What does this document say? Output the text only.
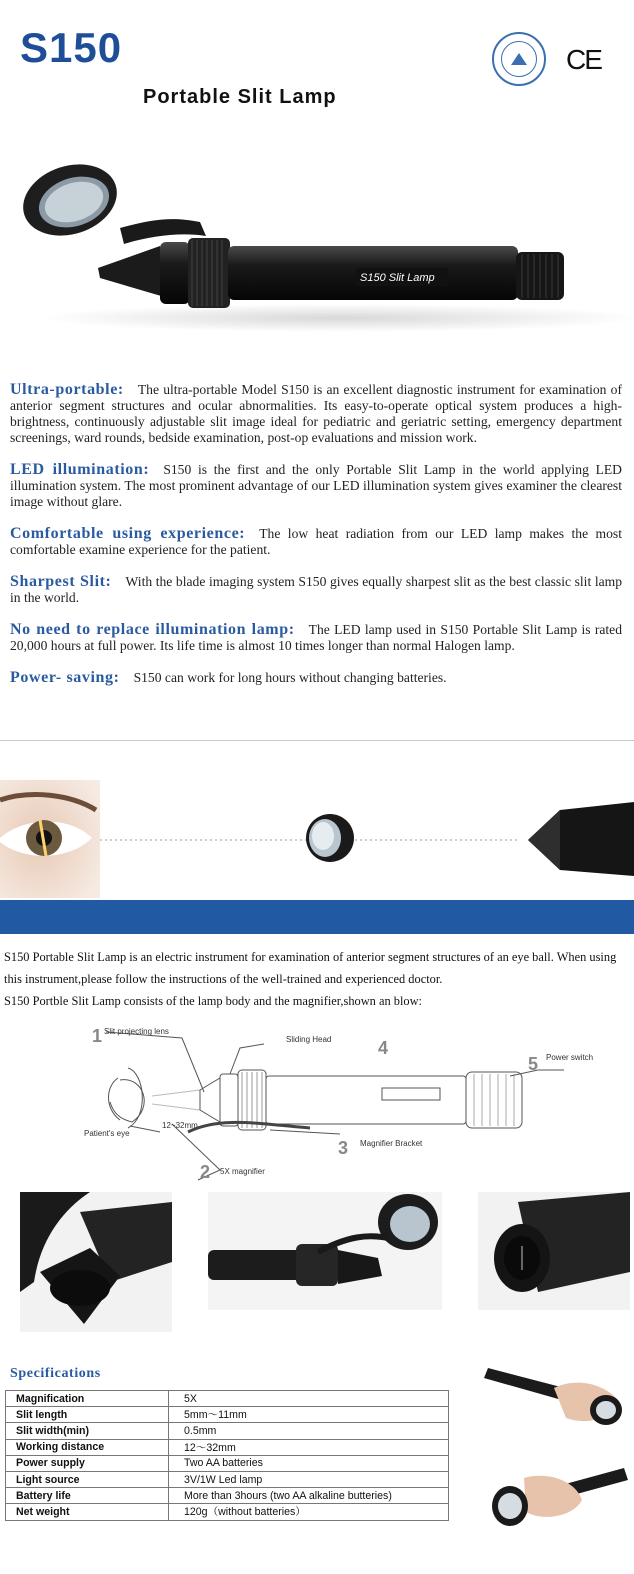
S150
Portable Slit Lamp
CE
S150 Slit Lamp

Ultra-portable: The ultra-portable Model S150 is an excellent diagnostic instrument for examination of anterior segment structures and ocular abnormalities. Its easy-to-operate optical system produces a high-brightness, continuously adjustable slit image ideal for pediatric and geriatric setting, emergency department screenings, ward rounds, bedside examination, post-op evaluations and mission work.

LED illumination: S150 is the first and the only Portable Slit Lamp in the world applying LED illumination system. The most prominent advantage of our LED illumination system gives examiner the clearest image without glare.

Comfortable using experience: The low heat radiation from our LED lamp makes the most comfortable examine experience for the patient.

Sharpest Slit: With the blade imaging system S150 gives equally sharpest slit as the best classic slit lamp in the world.

No need to replace illumination lamp: The LED lamp used in S150 Portable Slit Lamp is rated 20,000 hours at full power. Its life time is almost 10 times longer than normal Halogen lamp.

Power- saving: S150 can work for long hours without changing batteries.

S150 Portable Slit Lamp is an electric instrument for examination of anterior segment structures of an eye ball. When using this instrument,please follow the instructions of the well-trained and experienced doctor.
S150 Portble Slit Lamp consists of the lamp body and the magnifier,shown an blow:
1 Slit projecting lens
2 5X magnifier
3 Magnifier Bracket
4
Sliding Head
5 Power switch
Patient's eye
12~32mm
Specifications
Magnification	5X
Slit length	5mm～11mm
Slit width(min)	0.5mm
Working distance	12～32mm
Power supply	Two AA batteries
Light source	3V/1W Led lamp
Battery life	More than 3hours (two AA alkaline butteries)
Net weight	120g（without batteries）
